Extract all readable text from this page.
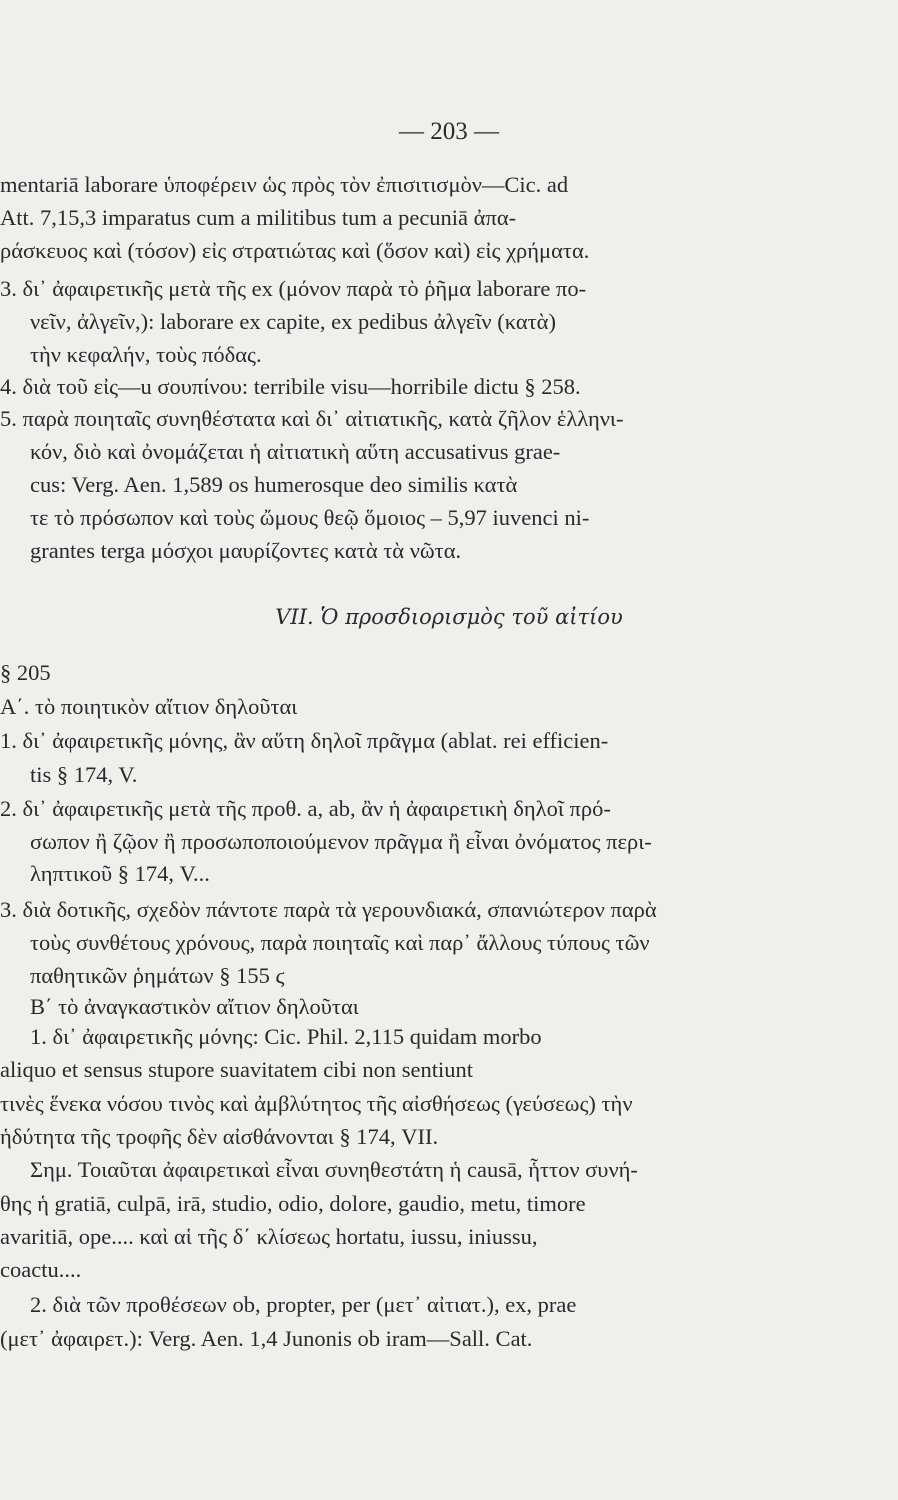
— 203 —
mentariā laborare ὑποφέρειν ὡς πρὸς τὸν ἐπισιτισμὸν—Cic. ad
Att. 7,15,3 imparatus cum a militibus tum a pecuniā ἀπα-
ράσκευος καὶ (τόσον) εἰς στρατιώτας καὶ (ὅσον καὶ) εἰς χρήματα.
3. δι᾽ ἀφαιρετικῆς μετὰ τῆς ex (μόνον παρὰ τὸ ῥῆμα laborare πο-
νεῖν, ἀλγεῖν,): laborare ex capite, ex pedibus ἀλγεῖν (κατὰ)
τὴν κεφαλήν, τοὺς πόδας.
4. διὰ τοῦ εἰς—u σουπίνου: terribile visu—horribile dictu § 258.
5. παρὰ ποιηταῖς συνηθέστατα καὶ δι᾽ αἰτιατικῆς, κατὰ ζῆλον ἑλληνι-
κόν, διὸ καὶ ὀνομάζεται ἡ αἰτιατικὴ αὕτη accusativus grae-
cus: Verg. Aen. 1,589 os humerosque deo similis κατὰ
τε τὸ πρόσωπον καὶ τοὺς ὤμους θεῷ ὅμοιος – 5,97 iuvenci ni-
grantes terga μόσχοι μαυρίζοντες κατὰ τὰ νῶτα.
VII. Ὁ προσδιορισμὸς τοῦ αἰτίου
§ 205
A΄. τὸ ποιητικὸν αἴτιον δηλοῦται
1. δι᾽ ἀφαιρετικῆς μόνης, ἂν αὕτη δηλοῖ πρᾶγμα (ablat. rei efficien-
tis § 174, V.
2. δι᾽ ἀφαιρετικῆς μετὰ τῆς προθ. a, ab, ἂν ἡ ἀφαιρετικὴ δηλοῖ πρό-
σωπον ἢ ζῷον ἢ προσωποποιούμενον πρᾶγμα ἢ εἶναι ὀνόματος περι-
ληπτικοῦ § 174, V...
3. διὰ δοτικῆς, σχεδὸν πάντοτε παρὰ τὰ γερουνδιακά, σπανιώτερον παρὰ
τοὺς συνθέτους χρόνους, παρὰ ποιηταῖς καὶ παρ᾽ ἄλλους τύπους τῶν
παθητικῶν ῥημάτων § 155 ϛ
B΄ τὸ ἀναγκαστικὸν αἴτιον δηλοῦται
1. δι᾽ ἀφαιρετικῆς μόνης: Cic. Phil. 2,115 quidam morbo
aliquo et sensus stupore suavitatem cibi non sentiunt
τινὲς ἕνεκα νόσου τινὸς καὶ ἀμβλύτητος τῆς αἰσθήσεως (γεύσεως) τὴν
ἡδύτητα τῆς τροφῆς δὲν αἰσθάνονται § 174, VII.
Σημ. Τοιαῦται ἀφαιρετικαὶ εἶναι συνηθεστάτη ἡ causā, ἧττον συνή-
θης ἡ gratiā, culpā, irā, studio, odio, dolore, gaudio, metu, timore
avaritiā, ope.... καὶ αἱ τῆς δ΄ κλίσεως hortatu, iussu, iniussu,
coactu....
2. διὰ τῶν προθέσεων ob, propter, per (μετ᾽ αἰτιατ.), ex, prae
(μετ᾽ ἀφαιρετ.): Verg. Aen. 1,4 Junonis ob iram—Sall. Cat.
